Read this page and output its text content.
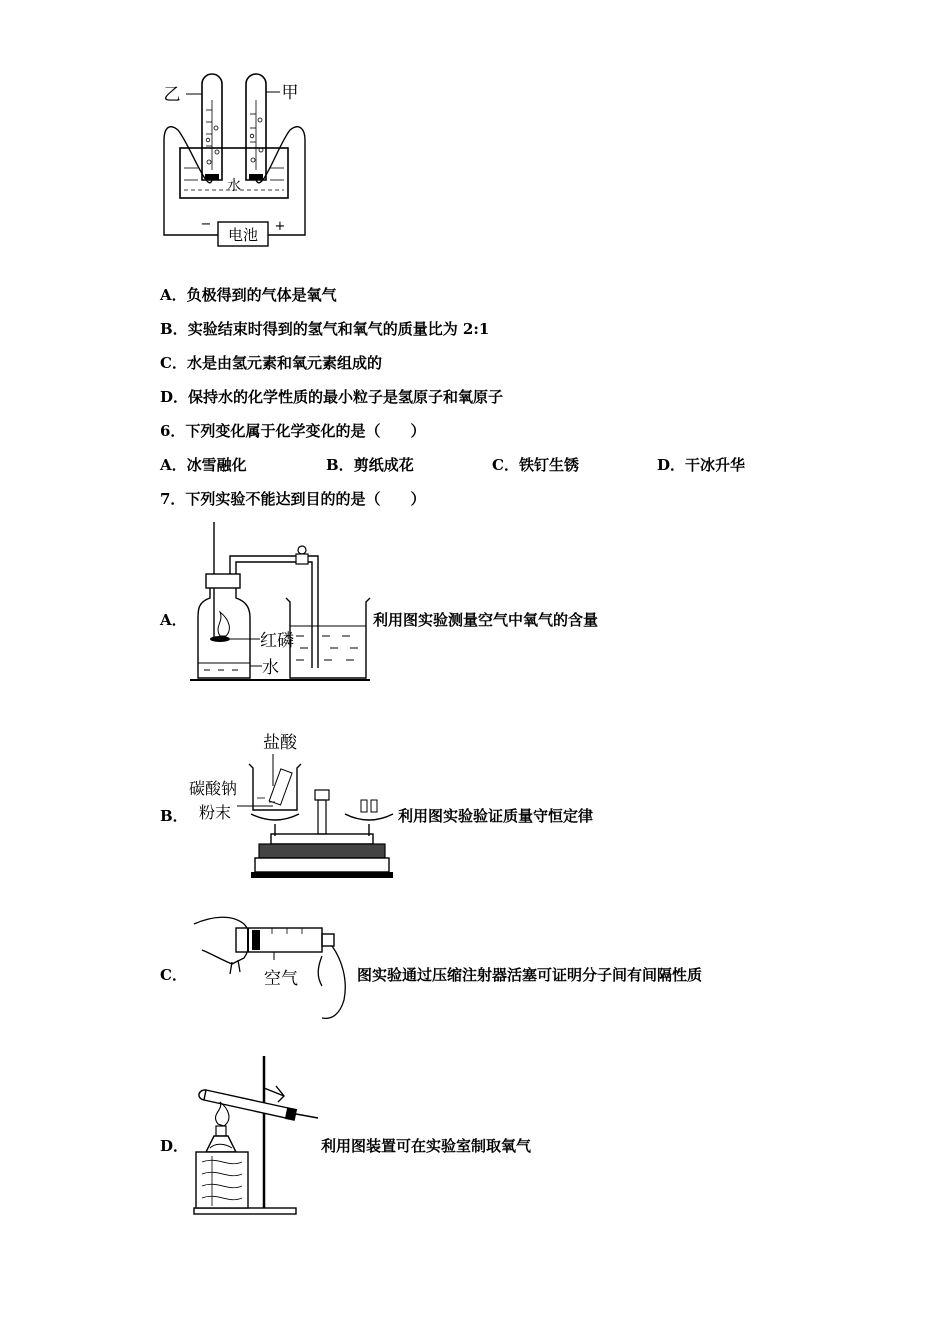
电池
−	+
乙	甲
水
A．负极得到的气体是氧气
B．实验结束时得到的氢气和氧气的质量比为 2:1
C．水是由氢元素和氧元素组成的
D．保持水的化学性质的最小粒子是氢原子和氧原子
6．下列变化属于化学变化的是（　　）
A．冰雪融化	B．剪纸成花	C．铁钉生锈	D．干冰升华
7．下列实验不能达到目的的是（　　）
A．
红磷
水
利用图实验测量空气中氧气的含量
B．
盐酸
碳酸钠
粉末	利用图实验验证质量守恒定律
C．	空气	图实验通过压缩注射器活塞可证明分子间有间隔性质
D．	利用图装置可在实验室制取氧气
